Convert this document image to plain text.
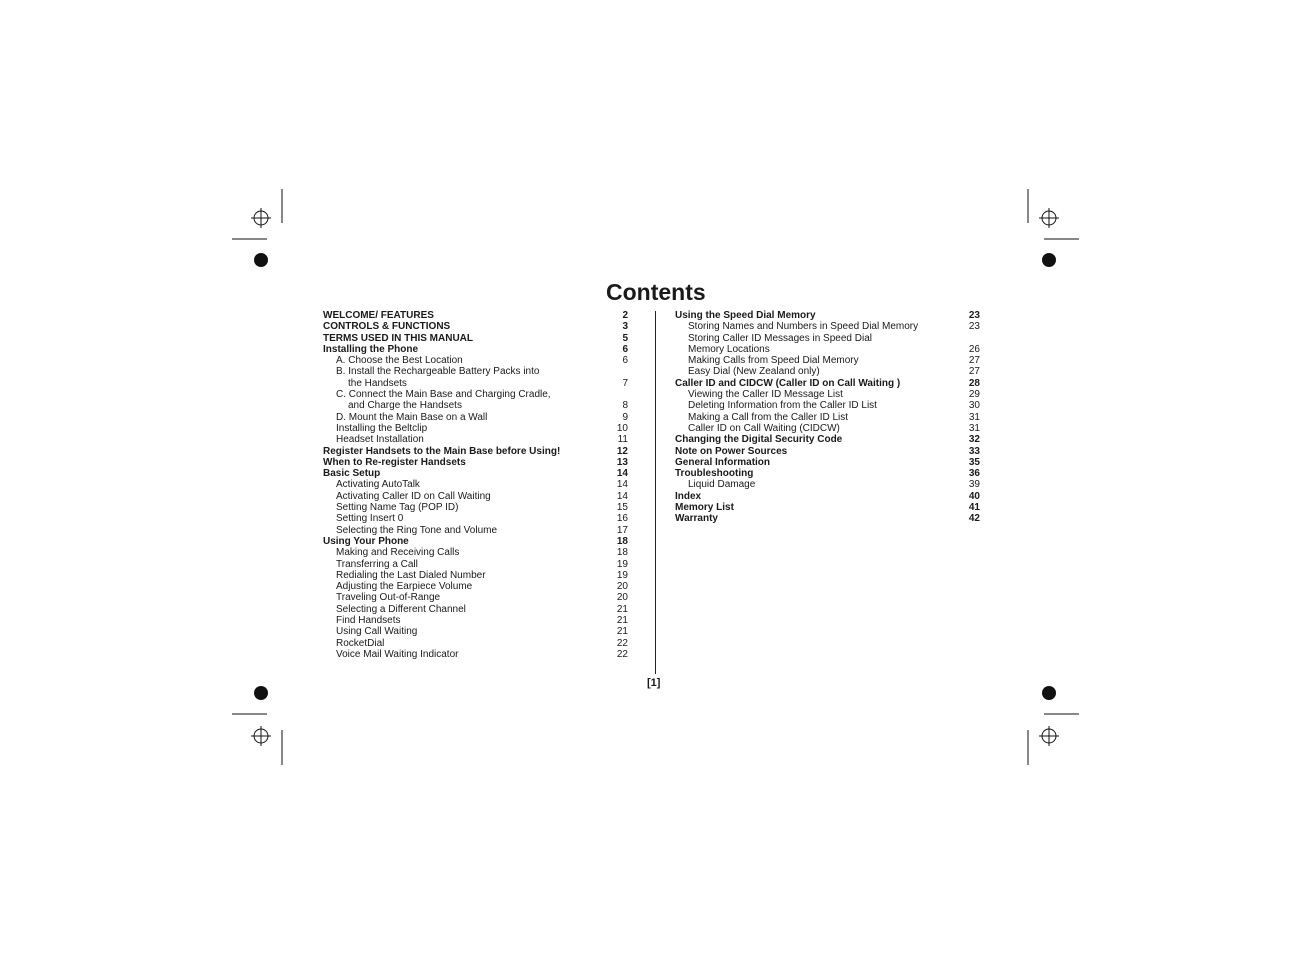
Contents
WELCOME/ FEATURES	2
CONTROLS & FUNCTIONS	3
TERMS USED IN THIS MANUAL	5
Installing the Phone	6
A. Choose the Best Location	6
B. Install the Rechargeable Battery Packs into
the Handsets	7
C. Connect the Main Base and Charging Cradle,
and Charge the Handsets	8
D. Mount the Main Base on a Wall	9
Installing the Beltclip	10
Headset Installation	11
Register Handsets to the Main Base before Using!	12
When to Re-register Handsets	13
Basic Setup	14
Activating AutoTalk	14
Activating Caller ID on Call Waiting	14
Setting Name Tag (POP ID)	15
Setting Insert 0	16
Selecting the Ring Tone and Volume	17
Using Your Phone	18
Making and Receiving Calls	18
Transferring a Call	19
Redialing the Last Dialed Number	19
Adjusting the Earpiece Volume	20
Traveling Out-of-Range	20
Selecting a Different Channel	21
Find Handsets	21
Using Call Waiting	21
RocketDial	22
Voice Mail Waiting Indicator	22
Using the Speed Dial Memory	23
Storing Names and Numbers in Speed Dial Memory	23
Storing Caller ID Messages in Speed Dial
Memory Locations	26
Making Calls from Speed Dial Memory	27
Easy Dial (New Zealand only)	27
Caller ID and CIDCW (Caller ID on Call Waiting )	28
Viewing the Caller ID Message List	29
Deleting Information from the Caller ID List	30
Making a Call from the Caller ID List	31
Caller ID on Call Waiting (CIDCW)	31
Changing the Digital Security Code	32
Note on Power Sources	33
General Information	35
Troubleshooting	36
Liquid Damage	39
Index	40
Memory List	41
Warranty	42
[1]
